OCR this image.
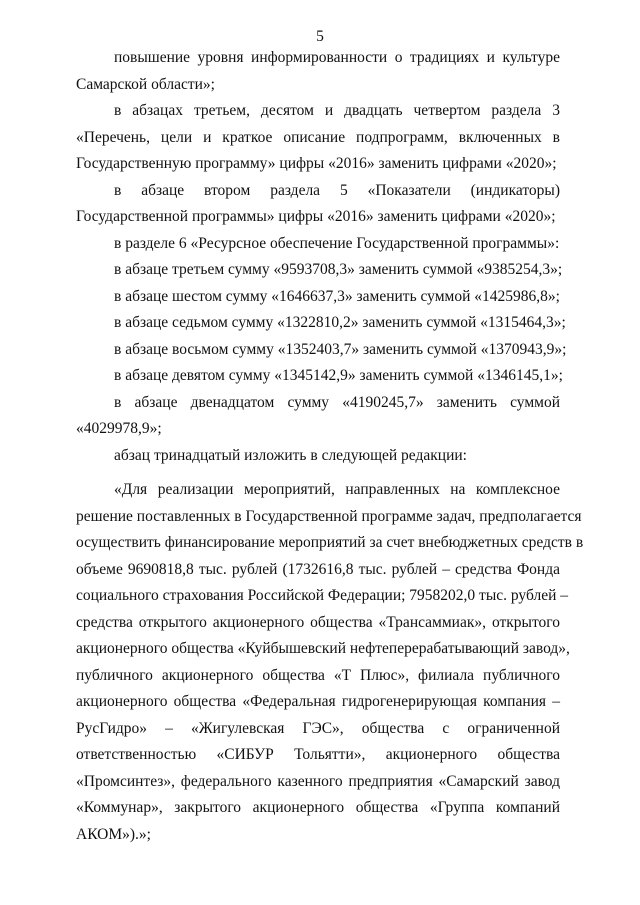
5
повышение уровня информированности о традициях и культуре
Самарской области»;
в абзацах третьем, десятом и двадцать четвертом раздела 3
«Перечень, цели и краткое описание подпрограмм, включенных в
Государственную программу» цифры «2016» заменить цифрами «2020»;
в абзаце втором раздела 5 «Показатели (индикаторы)
Государственной программы» цифры «2016» заменить цифрами «2020»;
в разделе 6 «Ресурсное обеспечение Государственной программы»:
в абзаце третьем сумму «9593708,3» заменить суммой «9385254,3»;
в абзаце шестом сумму «1646637,3» заменить суммой «1425986,8»;
в абзаце седьмом сумму «1322810,2» заменить суммой «1315464,3»;
в абзаце восьмом сумму «1352403,7» заменить суммой «1370943,9»;
в абзаце девятом сумму «1345142,9» заменить суммой «1346145,1»;
в абзаце двенадцатом сумму «4190245,7» заменить суммой
«4029978,9»;
абзац тринадцатый изложить в следующей редакции:
«Для реализации мероприятий, направленных на комплексное
решение поставленных в Государственной программе задач, предполагается
осуществить финансирование мероприятий за счет внебюджетных средств в
объеме 9690818,8 тыс. рублей (1732616,8 тыс. рублей – средства Фонда
социального страхования Российской Федерации; 7958202,0 тыс. рублей –
средства открытого акционерного общества «Трансаммиак», открытого
акционерного общества «Куйбышевский нефтеперерабатывающий завод»,
публичного акционерного общества «Т Плюс», филиала публичного
акционерного общества «Федеральная гидрогенерирующая компания –
РусГидро» – «Жигулевская ГЭС», общества с ограниченной
ответственностью «СИБУР Тольятти», акционерного общества
«Промсинтез», федерального казенного предприятия «Самарский завод
«Коммунар», закрытого акционерного общества «Группа компаний
АКОМ»).»;
